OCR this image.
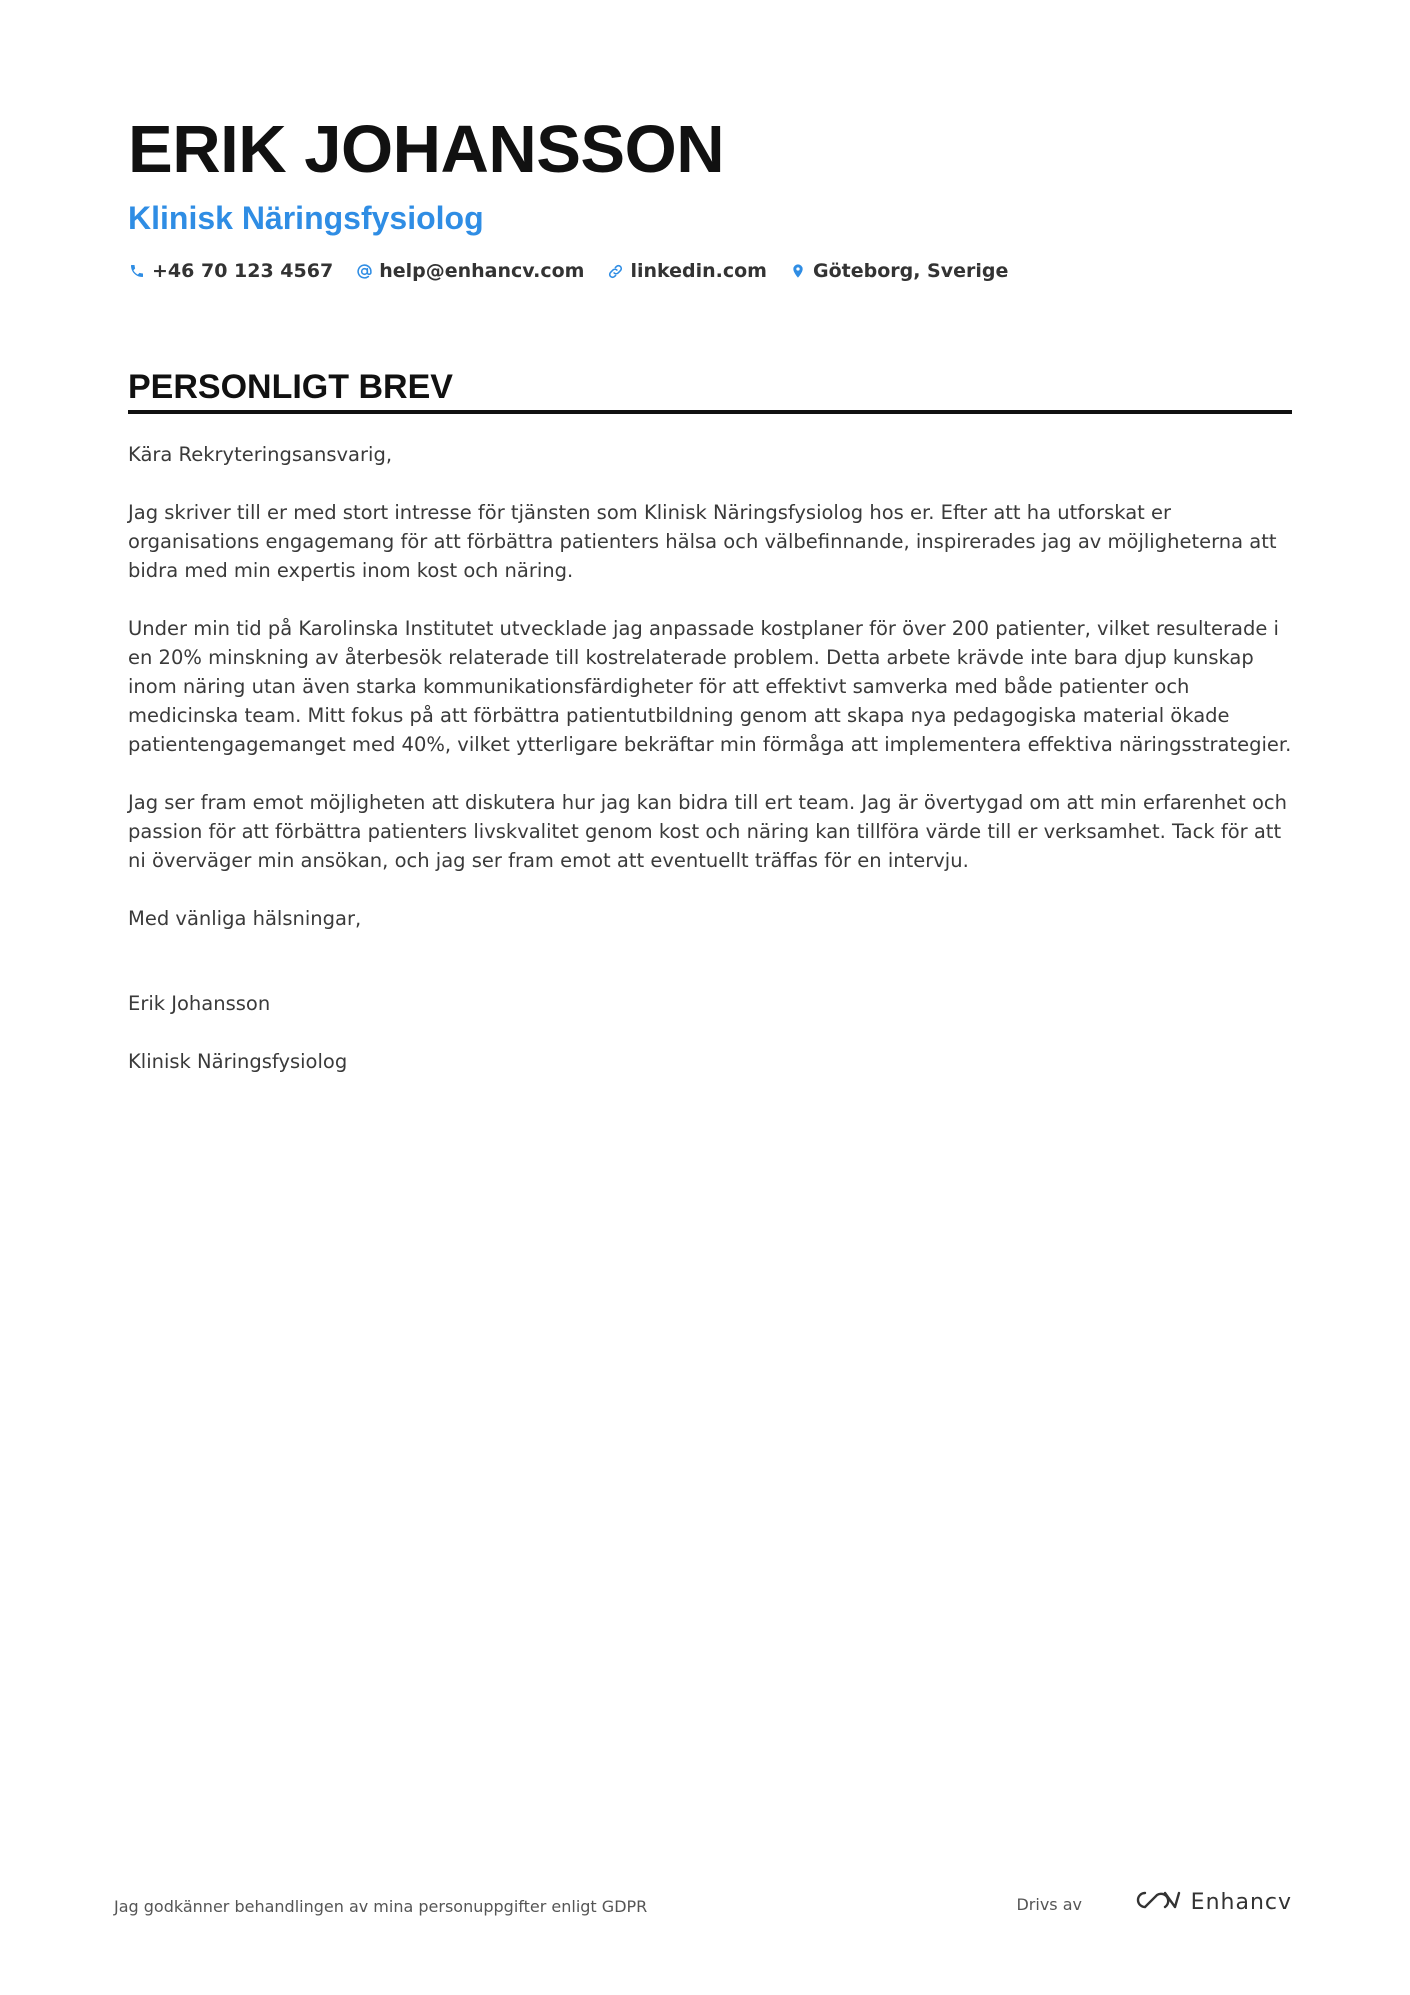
ERIK JOHANSSON
Klinisk Näringsfysiolog
+46 70 123 4567 help@enhancv.com linkedin.com Göteborg, Sverige
PERSONLIGT BREV

Kära Rekryteringsansvarig,

Jag skriver till er med stort intresse för tjänsten som Klinisk Näringsfysiolog hos er. Efter att ha utforskat er organisations engagemang för att förbättra patienters hälsa och välbefinnande, inspirerades jag av möjligheterna att bidra med min expertis inom kost och näring.

Under min tid på Karolinska Institutet utvecklade jag anpassade kostplaner för över 200 patienter, vilket resulterade i en 20% minskning av återbesök relaterade till kostrelaterade problem. Detta arbete krävde inte bara djup kunskap inom näring utan även starka kommunikationsfärdigheter för att effektivt samverka med både patienter och medicinska team. Mitt fokus på att förbättra patientutbildning genom att skapa nya pedagogiska material ökade patientengagemanget med 40%, vilket ytterligare bekräftar min förmåga att implementera effektiva näringsstrategier.

Jag ser fram emot möjligheten att diskutera hur jag kan bidra till ert team. Jag är övertygad om att min erfarenhet och passion för att förbättra patienters livskvalitet genom kost och näring kan tillföra värde till er verksamhet. Tack för att ni överväger min ansökan, och jag ser fram emot att eventuellt träffas för en intervju.

Med vänliga hälsningar,

Erik Johansson

Klinisk Näringsfysiolog

Jag godkänner behandlingen av mina personuppgifter enligt GDPR	Drivs av	Enhancv
